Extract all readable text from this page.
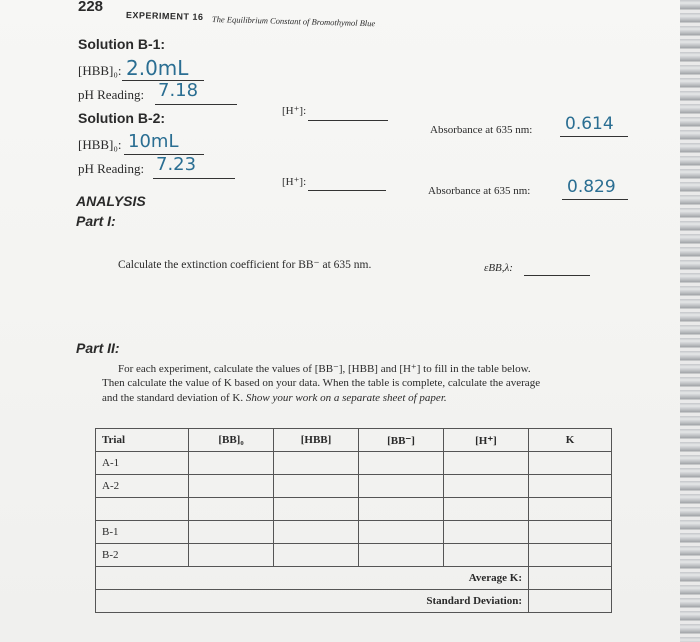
228
EXPERIMENT 16 The Equilibrium Constant of Bromothymol Blue
Solution B-1:
[HBB]₀: 2.0mL
pH Reading: 7.18
[H⁺]:
Absorbance at 635 nm: 0.614
Solution B-2:
[HBB]₀: 10mL
pH Reading: 7.23
[H⁺]:
Absorbance at 635 nm: 0.829
ANALYSIS
Part I:
Calculate the extinction coefficient for BB⁻ at 635 nm.	εBB,λ:
Part II:
For each experiment, calculate the values of [BB⁻], [HBB] and [H⁺] to fill in the table below.
Then calculate the value of K based on your data. When the table is complete, calculate the average
and the standard deviation of K. Show your work on a separate sheet of paper.
Trial	[BB]₀	[HBB]	[BB⁻]	[H⁺]	K
A-1					
A-2					

B-1					
B-2					
Average K:					
Standard Deviation:					
